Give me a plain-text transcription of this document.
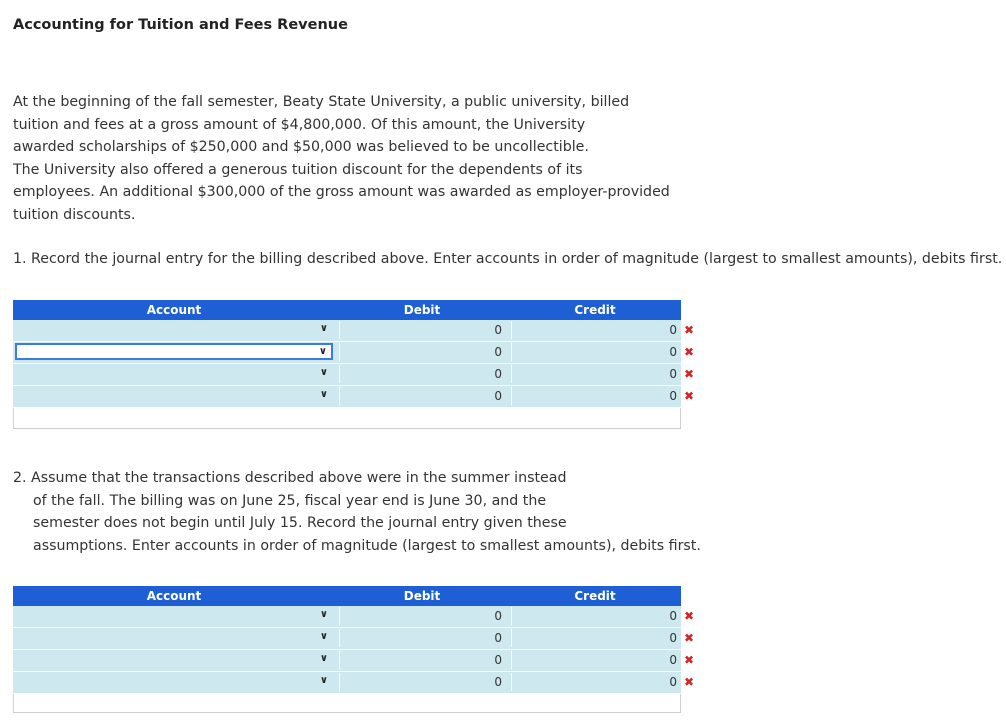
Accounting for Tuition and Fees Revenue
At the beginning of the fall semester, Beaty State University, a public university, billed
tuition and fees at a gross amount of $4,800,000. Of this amount, the University
awarded scholarships of $250,000 and $50,000 was believed to be uncollectible.
The University also offered a generous tuition discount for the dependents of its
employees. An additional $300,000 of the gross amount was awarded as employer-provided
tuition discounts.
1. Record the journal entry for the billing described above. Enter accounts in order of magnitude (largest to smallest amounts), debits first.
Account	Debit	Credit
∨	0	0 ✖
∨	0	0 ✖
∨	0	0 ✖
∨	0	0 ✖
2. Assume that the transactions described above were in the summer instead
of the fall. The billing was on June 25, fiscal year end is June 30, and the
semester does not begin until July 15. Record the journal entry given these
assumptions. Enter accounts in order of magnitude (largest to smallest amounts), debits first.
Account	Debit	Credit
∨	0	0 ✖
∨	0	0 ✖
∨	0	0 ✖
∨	0	0 ✖
